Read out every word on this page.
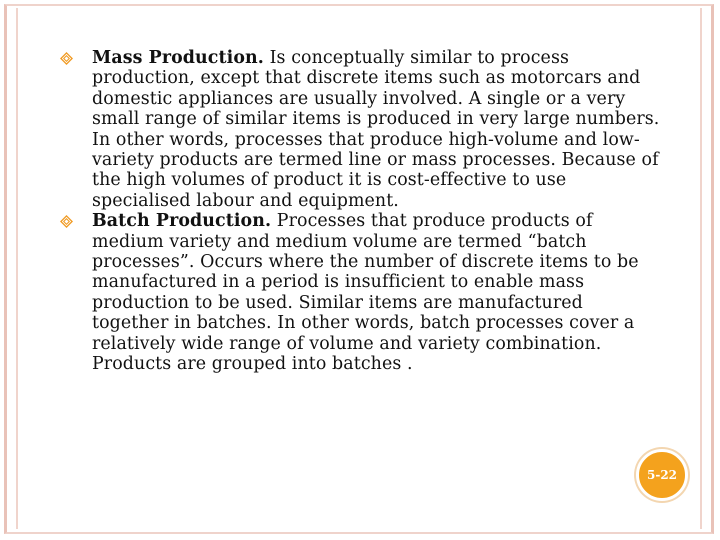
Mass Production. Is conceptually similar to process production, except that discrete items such as motorcars and domestic appliances are usually involved. A single or a very small range of similar items is produced in very large numbers. In other words, processes that produce high-volume and low-variety products are termed line or mass processes. Because of the high volumes of product it is cost-effective to use specialised labour and equipment.

Batch Production. Processes that produce products of medium variety and medium volume are termed “batch processes”. Occurs where the number of discrete items to be manufactured in a period is insufficient to enable mass production to be used. Similar items are manufactured together in batches. In other words, batch processes cover a relatively wide range of volume and variety combination. Products are grouped into batches .

5-22
